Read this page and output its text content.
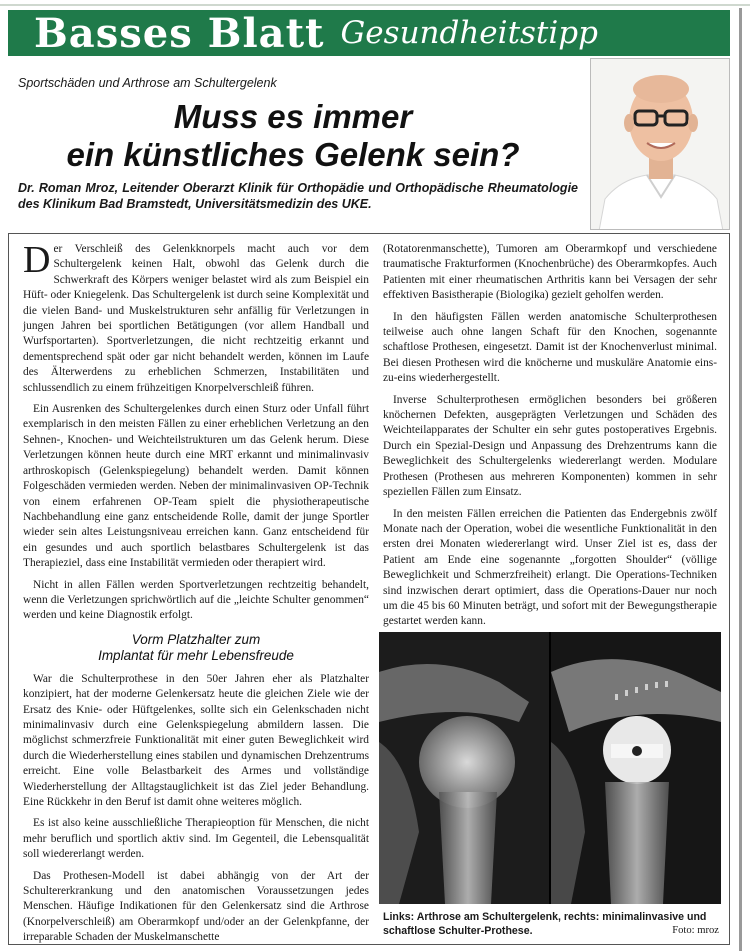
Basses Blatt Gesundheitstipp
Sportschäden und Arthrose am Schultergelenk
Muss es immer
ein künstliches Gelenk sein?
Dr. Roman Mroz, Leitender Oberarzt Klinik für Orthopädie und Orthopädische Rheumatologie des Klinikum Bad Bramstedt, Universitätsmedizin des UKE.

Der Verschleiß des Gelenkknorpels macht auch vor dem Schultergelenk keinen Halt, obwohl das Gelenk durch die Schwerkraft des Körpers weniger belastet wird als zum Beispiel ein Hüft- oder Kniegelenk. Das Schultergelenk ist durch seine Komplexität und die vielen Band- und Muskelstrukturen sehr anfällig für Verletzungen in jungen Jahren bei sportlichen Betätigungen (vor allem Handball und Wurfsportarten). Sportverletzungen, die nicht rechtzeitig erkannt und dementsprechend spät oder gar nicht behandelt werden, können im Laufe des Älterwerdens zu erheblichen Schmerzen, Instabilitäten und schlussendlich zu einem frühzeitigen Knorpelverschleiß führen.

Ein Ausrenken des Schultergelenkes durch einen Sturz oder Unfall führt exemplarisch in den meisten Fällen zu einer erheblichen Verletzung an den Sehnen-, Knochen- und Weichteilstrukturen um das Gelenk herum. Diese Verletzungen können heute durch eine MRT erkannt und minimalinvasiv arthroskopisch (Gelenkspiegelung) behandelt werden. Damit können Folgeschäden vermieden werden. Neben der minimalinvasiven OP-Technik von einem erfahrenen OP-Team spielt die physiotherapeutische Nachbehandlung eine ganz entscheidende Rolle, damit der junge Sportler wieder sein altes Leistungsniveau erreichen kann. Ganz entscheidend für ein gesundes und auch sportlich belastbares Schultergelenk ist das Therapieziel, dass eine Instabilität vermieden oder therapiert wird.

Nicht in allen Fällen werden Sportverletzungen rechtzeitig behandelt, wenn die Verletzungen sprichwörtlich auf die „leichte Schulter genommen“ werden und keine Diagnostik erfolgt.

Vorm Platzhalter zum
Implantat für mehr Lebensfreude

War die Schulterprothese in den 50er Jahren eher als Platzhalter konzipiert, hat der moderne Gelenkersatz heute die gleichen Ziele wie der Ersatz des Knie- oder Hüftgelenkes, sollte sich ein Gelenkschaden nicht minimalinvasiv durch eine Gelenkspiegelung abmildern lassen. Die möglichst schmerzfreie Funktionalität mit einer guten Beweglichkeit wird durch die Wiederherstellung eines stabilen und dynamischen Drehzentrums erreicht. Eine volle Belastbarkeit des Armes und vollständige Wiederherstellung der Alltagstauglichkeit ist das Ziel jeder Behandlung. Eine Rückkehr in den Beruf ist damit ohne weiteres möglich.

Es ist also keine ausschließliche Therapieoption für Menschen, die nicht mehr beruflich und sportlich aktiv sind. Im Gegenteil, die Lebensqualität soll wiedererlangt werden.

Das Prothesen-Modell ist dabei abhängig von der Art der Schultererkrankung und den anatomischen Voraussetzungen jedes Menschen. Häufige Indikationen für den Gelenkersatz sind die Arthrose (Knorpelverschleiß) am Oberarmkopf und/oder an der Gelenkpfanne, der irreparable Schaden der Muskelmanschette

(Rotatorenmanschette), Tumoren am Oberarmkopf und verschiedene traumatische Frakturformen (Knochenbrüche) des Oberarmkopfes. Auch Patienten mit einer rheumatischen Arthritis kann bei Versagen der sehr effektiven Basistherapie (Biologika) gezielt geholfen werden.

In den häufigsten Fällen werden anatomische Schulterprothesen teilweise auch ohne langen Schaft für den Knochen, sogenannte schaftlose Prothesen, eingesetzt. Damit ist der Knochenverlust minimal. Bei diesen Prothesen wird die knöcherne und muskuläre Anatomie eins-zu-eins wiederhergestellt.

Inverse Schulterprothesen ermöglichen besonders bei größeren knöchernen Defekten, ausgeprägten Verletzungen und Schäden des Weichteilapparates der Schulter ein sehr gutes postoperatives Ergebnis. Durch ein Spezial-Design und Anpassung des Drehzentrums kann die Beweglichkeit des Schultergelenks wiedererlangt werden. Modulare Prothesen (Prothesen aus mehreren Komponenten) kommen in sehr speziellen Fällen zum Einsatz.

In den meisten Fällen erreichen die Patienten das Endergebnis zwölf Monate nach der Operation, wobei die wesentliche Funktionalität in den ersten drei Monaten wiedererlangt wird. Unser Ziel ist es, dass der Patient am Ende eine sogenannte „forgotten Shoulder“ (völlige Beweglichkeit und Schmerzfreiheit) erlangt. Die Operations-Techniken sind inzwischen derart optimiert, dass die Operations-Dauer nur noch um die 45 bis 60 Minuten beträgt, und sofort mit der Bewegungstherapie gestartet werden kann.

Links: Arthrose am Schultergelenk, rechts: minimalinvasive und schaftlose Schulter-Prothese.	Foto: mroz
